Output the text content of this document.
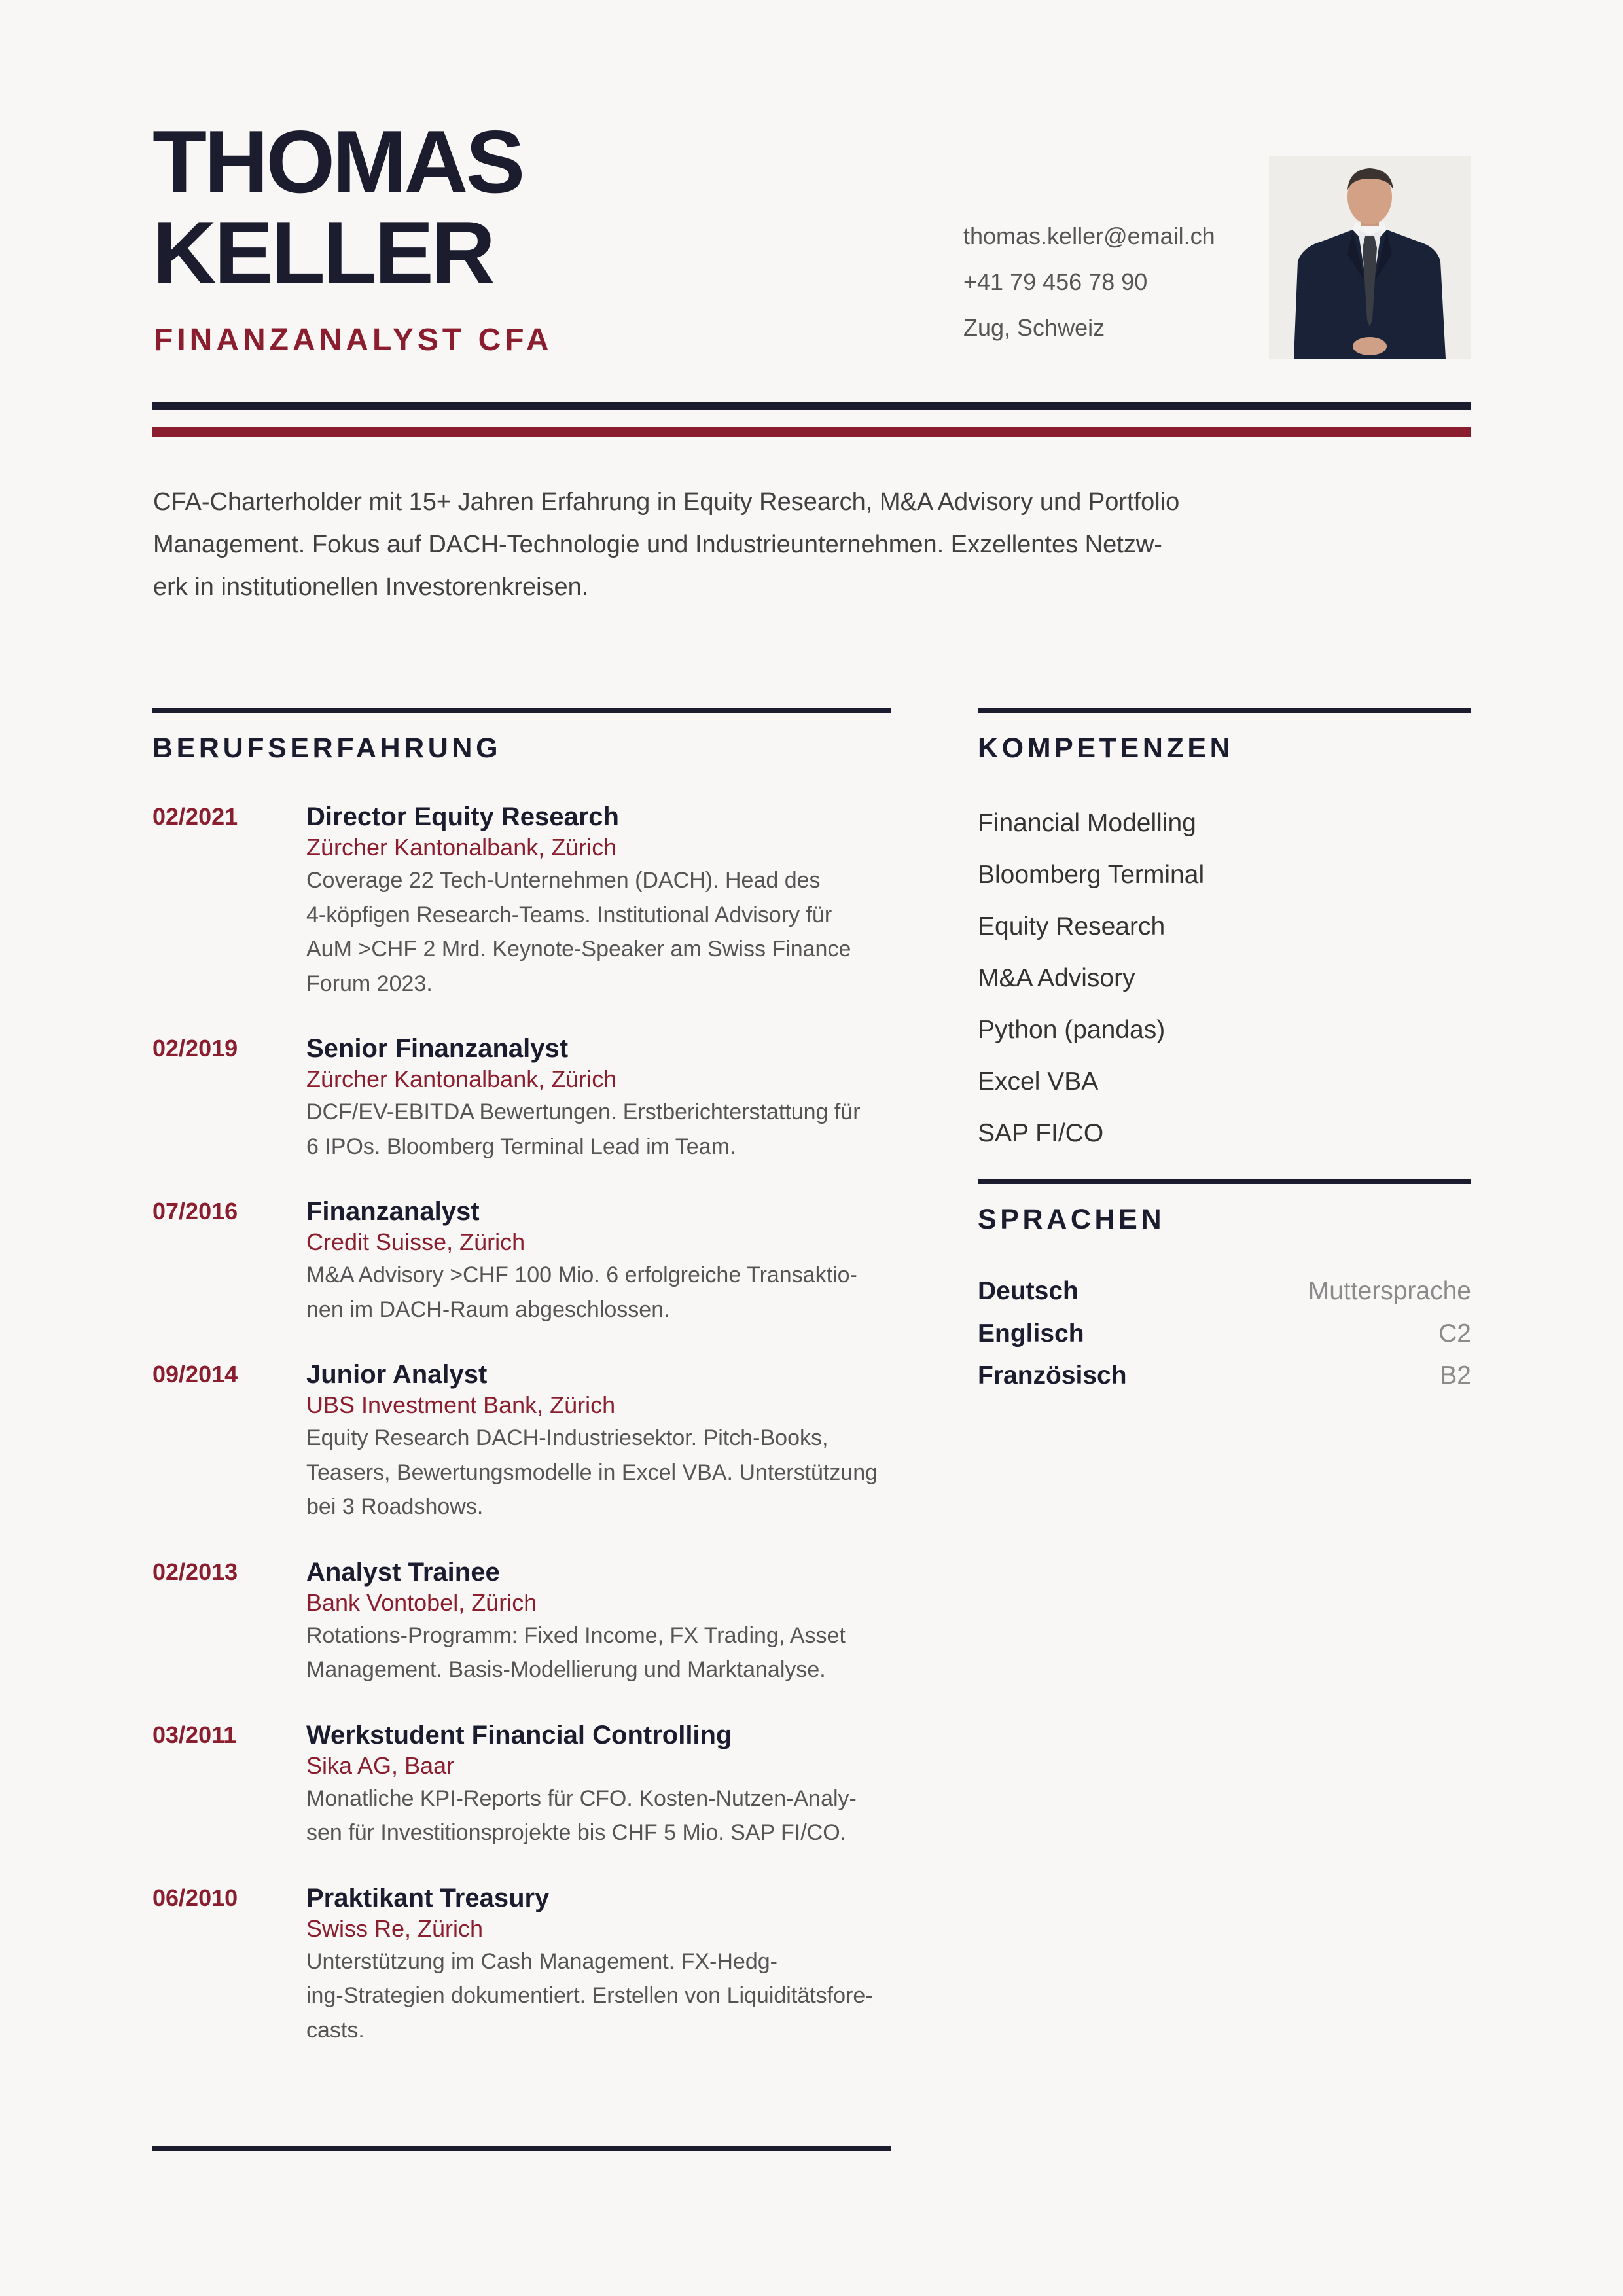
THOMAS
KELLER
FINANZANALYST CFA
thomas.keller@email.ch
+41 79 456 78 90
Zug, Schweiz
CFA-Charterholder mit 15+ Jahren Erfahrung in Equity Research, M&A Advisory und Portfolio
Management. Fokus auf DACH-Technologie und Industrieunternehmen. Exzellentes Netzw-
erk in institutionellen Investorenkreisen.
BERUFSERFAHRUNG
02/2021	Director Equity Research
Zürcher Kantonalbank, Zürich
Coverage 22 Tech-Unternehmen (DACH). Head des
4-köpfigen Research-Teams. Institutional Advisory für
AuM >CHF 2 Mrd. Keynote-Speaker am Swiss Finance
Forum 2023.
02/2019	Senior Finanzanalyst
Zürcher Kantonalbank, Zürich
DCF/EV-EBITDA Bewertungen. Erstberichterstattung für
6 IPOs. Bloomberg Terminal Lead im Team.
07/2016	Finanzanalyst
Credit Suisse, Zürich
M&A Advisory >CHF 100 Mio. 6 erfolgreiche Transaktio-
nen im DACH-Raum abgeschlossen.
09/2014	Junior Analyst
UBS Investment Bank, Zürich
Equity Research DACH-Industriesektor. Pitch-Books,
Teasers, Bewertungsmodelle in Excel VBA. Unterstützung
bei 3 Roadshows.
02/2013	Analyst Trainee
Bank Vontobel, Zürich
Rotations-Programm: Fixed Income, FX Trading, Asset
Management. Basis-Modellierung und Marktanalyse.
03/2011	Werkstudent Financial Controlling
Sika AG, Baar
Monatliche KPI-Reports für CFO. Kosten-Nutzen-Analy-
sen für Investitionsprojekte bis CHF 5 Mio. SAP FI/CO.
06/2010	Praktikant Treasury
Swiss Re, Zürich
Unterstützung im Cash Management. FX-Hedg-
ing-Strategien dokumentiert. Erstellen von Liquiditätsfore-
casts.
KOMPETENZEN
Financial Modelling
Bloomberg Terminal
Equity Research
M&A Advisory
Python (pandas)
Excel VBA
SAP FI/CO
SPRACHEN
Deutsch	Muttersprache
Englisch	C2
Französisch	B2
